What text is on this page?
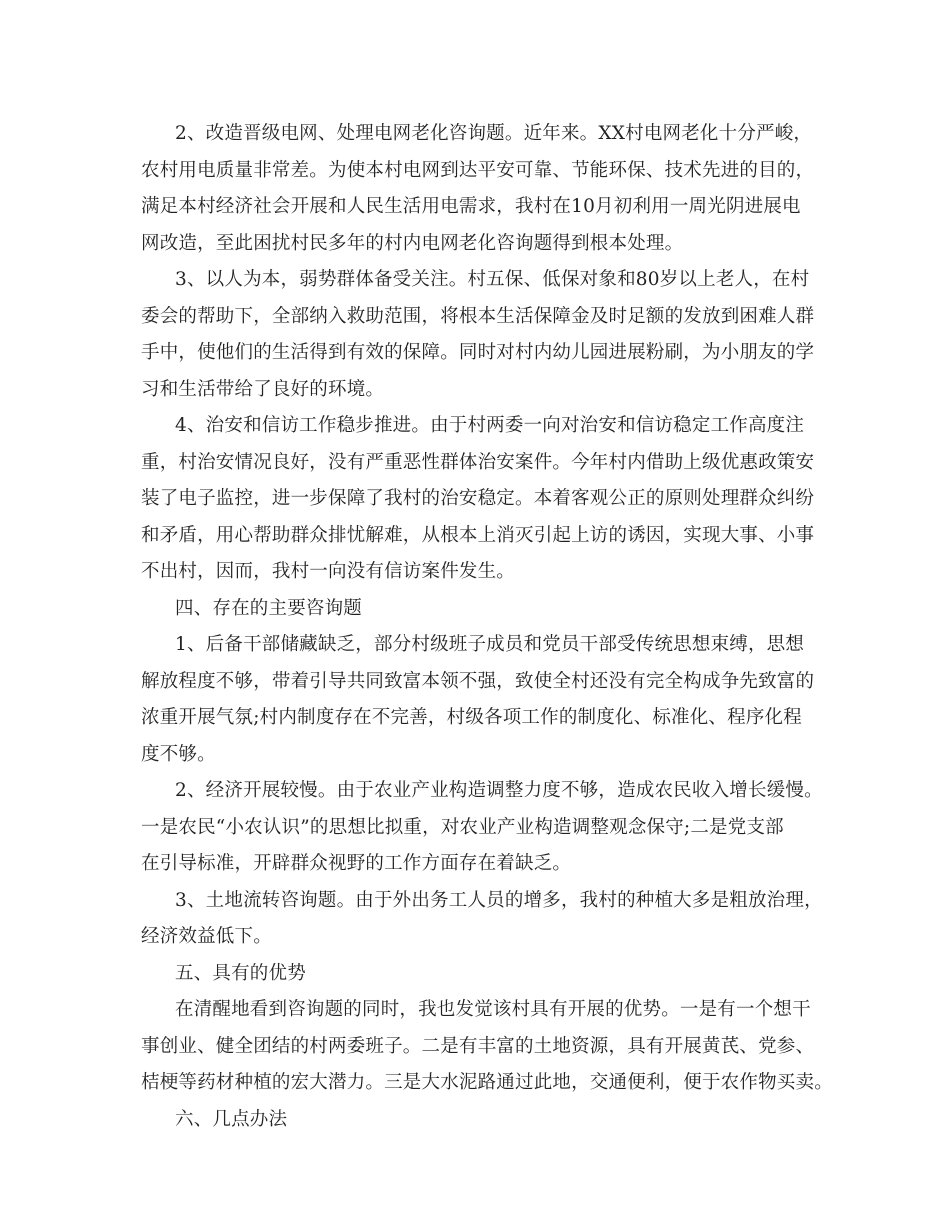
2、改造晋级电网、处理电网老化咨询题。近年来。XX村电网老化十分严峻，
农村用电质量非常差。为使本村电网到达平安可靠、节能环保、技术先进的目的，
满足本村经济社会开展和人民生活用电需求，我村在10月初利用一周光阴进展电
网改造，至此困扰村民多年的村内电网老化咨询题得到根本处理。
3、以人为本，弱势群体备受关注。村五保、低保对象和80岁以上老人，在村
委会的帮助下，全部纳入救助范围，将根本生活保障金及时足额的发放到困难人群
手中，使他们的生活得到有效的保障。同时对村内幼儿园进展粉刷，为小朋友的学
习和生活带给了良好的环境。
4、治安和信访工作稳步推进。由于村两委一向对治安和信访稳定工作高度注
重，村治安情况良好，没有严重恶性群体治安案件。今年村内借助上级优惠政策安
装了电子监控，进一步保障了我村的治安稳定。本着客观公正的原则处理群众纠纷
和矛盾，用心帮助群众排忧解难，从根本上消灭引起上访的诱因，实现大事、小事
不出村，因而，我村一向没有信访案件发生。
四、存在的主要咨询题
1、后备干部储藏缺乏，部分村级班子成员和党员干部受传统思想束缚，思想
解放程度不够，带着引导共同致富本领不强，致使全村还没有完全构成争先致富的
浓重开展气氛;村内制度存在不完善，村级各项工作的制度化、标准化、程序化程
度不够。
2、经济开展较慢。由于农业产业构造调整力度不够，造成农民收入增长缓慢。
一是农民“小农认识”的思想比拟重，对农业产业构造调整观念保守;二是党支部
在引导标准，开辟群众视野的工作方面存在着缺乏。
3、土地流转咨询题。由于外出务工人员的增多，我村的种植大多是粗放治理，
经济效益低下。
五、具有的优势
在清醒地看到咨询题的同时，我也发觉该村具有开展的优势。一是有一个想干
事创业、健全团结的村两委班子。二是有丰富的土地资源，具有开展黄芪、党参、
桔梗等药材种植的宏大潜力。三是大水泥路通过此地，交通便利，便于农作物买卖。
六、几点办法
